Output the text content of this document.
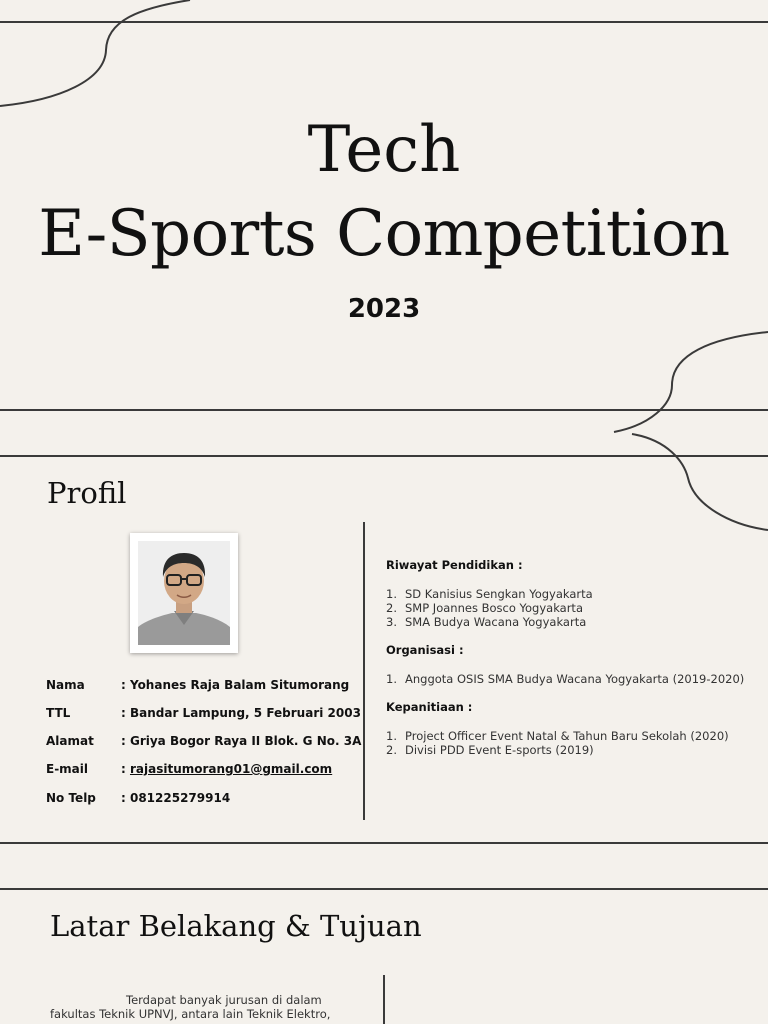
Tech
E-Sports Competition
2023
Profil
Nama	: Yohanes Raja Balam Situmorang
TTL	: Bandar Lampung, 5 Februari 2003
Alamat : Griya Bogor Raya II Blok. G No. 3A
E-mail	: rajasitumorang01@gmail.com
No Telp : 081225279914

Riwayat Pendidikan :

1. SD Kanisius Sengkan Yogyakarta
2. SMP Joannes Bosco Yogyakarta
3. SMA Budya Wacana Yogyakarta

Organisasi :

1. Anggota OSIS SMA Budya Wacana Yogyakarta (2019-2020)

Kepanitiaan :

1. Project Officer Event Natal & Tahun Baru Sekolah (2020)
2. Divisi PDD Event E-sports (2019)
Latar Belakang & Tujuan
Terdapat banyak jurusan di dalam
fakultas Teknik UPNVJ, antara lain Teknik Elektro,
